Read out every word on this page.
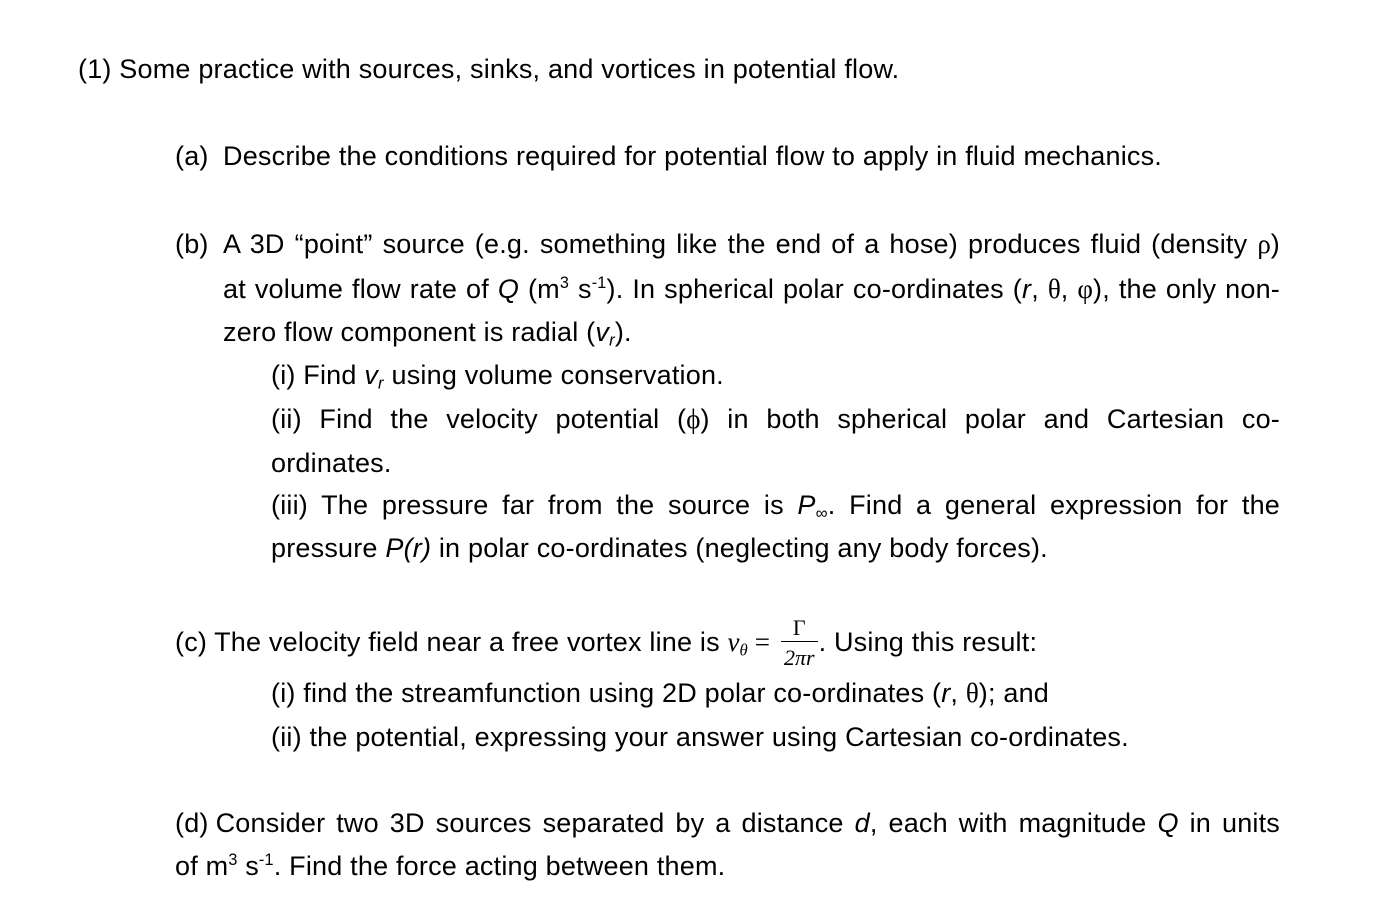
(1) Some practice with sources, sinks, and vortices in potential flow.
(a) Describe the conditions required for potential flow to apply in fluid mechanics.
(b) A 3D “point” source (e.g. something like the end of a hose) produces fluid (density ρ)
at volume flow rate of Q ($m^3$ $s^{-1}$). In spherical polar co-ordinates (r, θ, φ), the only non-
zero flow component is radial $(v_r)$.
(i) Find $v_r$ using volume conservation.
(ii) Find the velocity potential (ϕ) in both spherical polar and Cartesian co-
ordinates.
(iii) The pressure far from the source is $P_\infty$. Find a general expression for the
pressure P(r) in polar co-ordinates (neglecting any body forces).
(c) The velocity field near a free vortex line is $v_\theta = \frac{\Gamma}{2\pi r}$ . Using this result:
(i) find the streamfunction using 2D polar co-ordinates (r, θ); and
(ii) the potential, expressing your answer using Cartesian co-ordinates.
(d) Consider two 3D sources separated by a distance d, each with magnitude Q in units
of $m^3$ $s^{-1}$. Find the force acting between them.
